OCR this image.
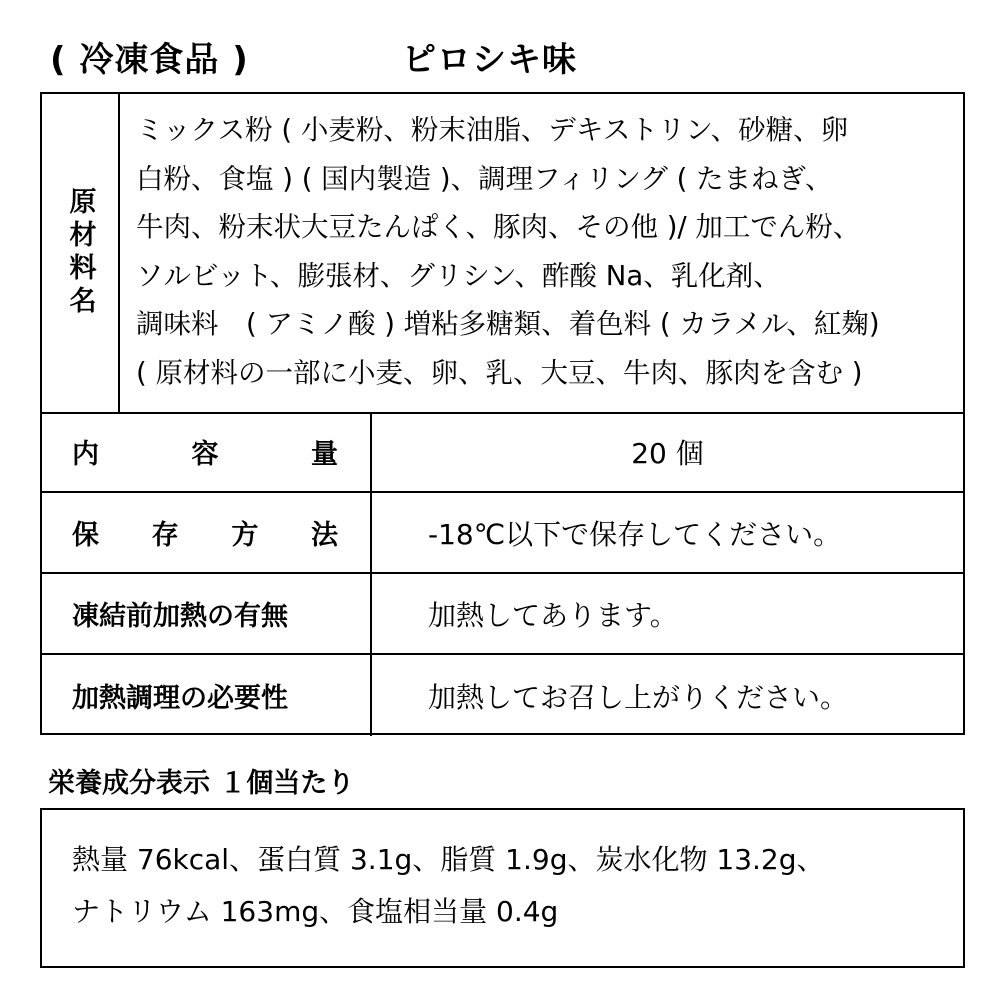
( 冷凍食品 )	ピロシキ味
原材料名
ミックス粉 ( 小麦粉、粉末油脂、デキストリン、砂糖、卵
白粉、食塩 ) ( 国内製造 )、調理フィリング ( たまねぎ、
牛肉、粉末状大豆たんぱく、豚肉、その他 )/ 加工でん粉、
ソルビット、膨張材、グリシン、酢酸 Na、乳化剤、
調味料　( アミノ酸 ) 増粘多糖類、着色料 ( カラメル、紅麹)
( 原材料の一部に小麦、卵、乳、大豆、牛肉、豚肉を含む )
内	容	量	20 個
保 存 方 法	-18℃以下で保存してください。
凍結前加熱の有無	加熱してあります。
加熱調理の必要性	加熱してお召し上がりください。
栄養成分表示 １個当たり
熱量 76kcal、蛋白質 3.1g、脂質 1.9g、炭水化物 13.2g、
ナトリウム 163mg、食塩相当量 0.4g
